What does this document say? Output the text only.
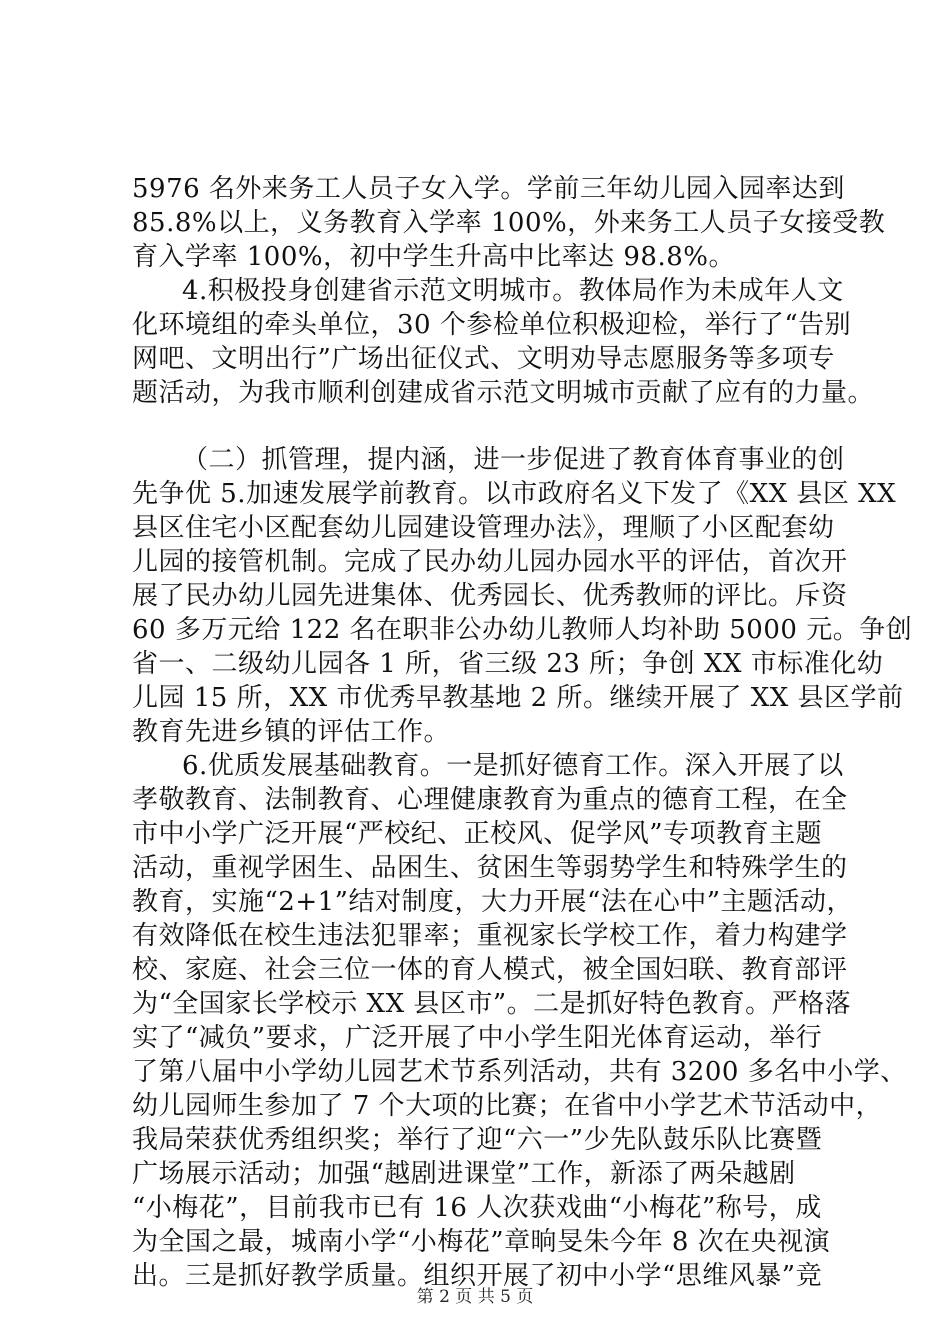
5976 名外来务工人员子女入学。学前三年幼儿园入园率达到
85.8%以上，义务教育入学率 100%，外来务工人员子女接受教
育入学率 100%，初中学生升高中比率达 98.8%。
4.积极投身创建省示范文明城市。教体局作为未成年人文
化环境组的牵头单位，30 个参检单位积极迎检，举行了“告别
网吧、文明出行”广场出征仪式、文明劝导志愿服务等多项专
题活动，为我市顺利创建成省示范文明城市贡献了应有的力量。
（二）抓管理，提内涵，进一步促进了教育体育事业的创
先争优 5.加速发展学前教育。以市政府名义下发了《XX 县区 XX
县区住宅小区配套幼儿园建设管理办法》，理顺了小区配套幼
儿园的接管机制。完成了民办幼儿园办园水平的评估，首次开
展了民办幼儿园先进集体、优秀园长、优秀教师的评比。斥资
60 多万元给 122 名在职非公办幼儿教师人均补助 5000 元。争创
省一、二级幼儿园各 1 所，省三级 23 所；争创 XX 市标准化幼
儿园 15 所，XX 市优秀早教基地 2 所。继续开展了 XX 县区学前
教育先进乡镇的评估工作。
6.优质发展基础教育。一是抓好德育工作。深入开展了以
孝敬教育、法制教育、心理健康教育为重点的德育工程，在全
市中小学广泛开展“严校纪、正校风、促学风”专项教育主题
活动，重视学困生、品困生、贫困生等弱势学生和特殊学生的
教育，实施“2+1”结对制度，大力开展“法在心中”主题活动，
有效降低在校生违法犯罪率；重视家长学校工作，着力构建学
校、家庭、社会三位一体的育人模式，被全国妇联、教育部评
为“全国家长学校示 XX 县区市”。二是抓好特色教育。严格落
实了“减负”要求，广泛开展了中小学生阳光体育运动，举行
了第八届中小学幼儿园艺术节系列活动，共有 3200 多名中小学、
幼儿园师生参加了 7 个大项的比赛；在省中小学艺术节活动中，
我局荣获优秀组织奖；举行了迎“六一”少先队鼓乐队比赛暨
广场展示活动；加强“越剧进课堂”工作，新添了两朵越剧
“小梅花”，目前我市已有 16 人次获戏曲“小梅花”称号，成
为全国之最，城南小学“小梅花”章晌旻朱今年 8 次在央视演
出。三是抓好教学质量。组织开展了初中小学“思维风暴”竞
第 2 页 共 5 页
